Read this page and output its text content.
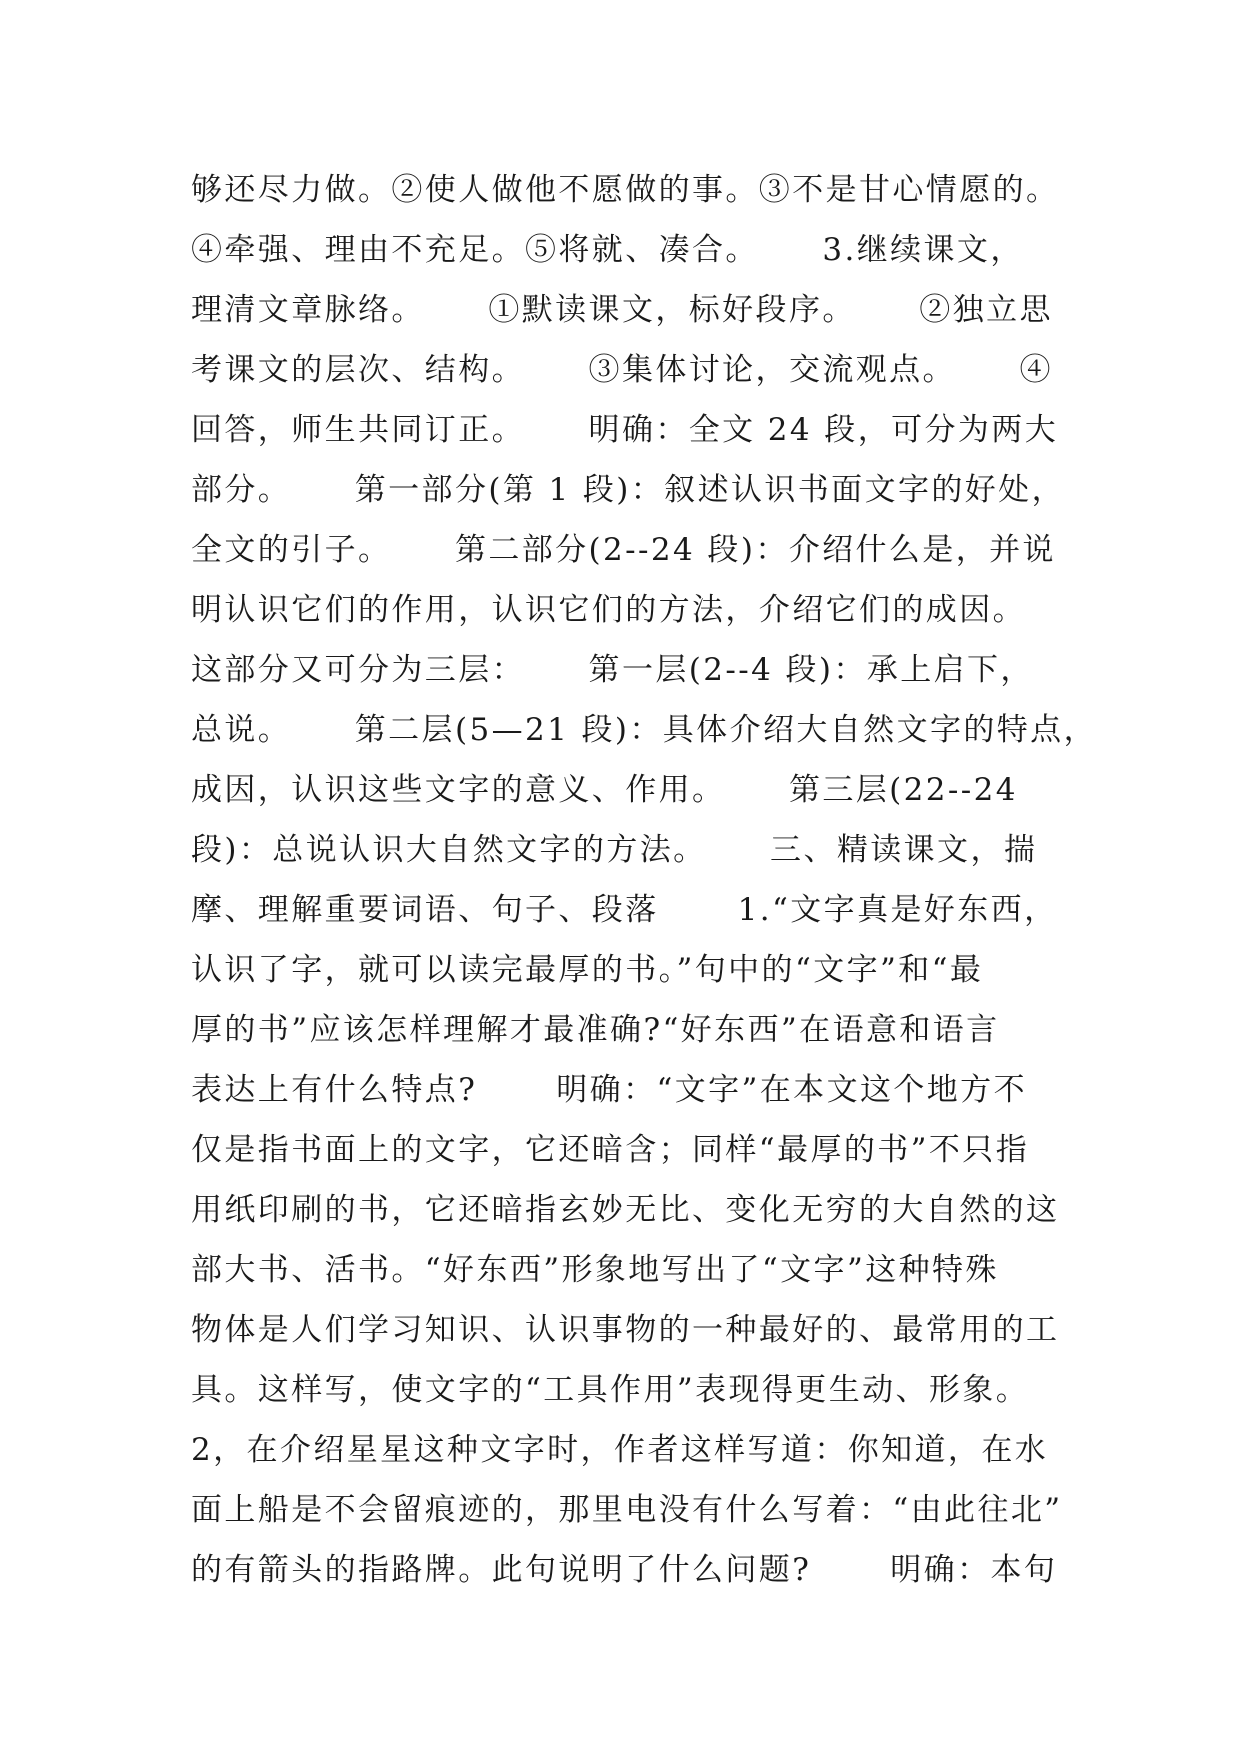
够还尽力做。②使人做他不愿做的事。③不是甘心情愿的。
④牵强、理由不充足。⑤将就、凑合。　　 3.继续课文，
理清文章脉络。　　 ①默读课文，标好段序。　　 ②独立思
考课文的层次、结构。　　 ③集体讨论，交流观点。　　 ④
回答，师生共同订正。　　 明确：全文 24 段，可分为两大
部分。　　 第一部分(第 1 段)：叙述认识书面文字的好处，
全文的引子。　　 第二部分(2--24 段)：介绍什么是，并说
明认识它们的作用，认识它们的方法，介绍它们的成因。
这部分又可分为三层：　　 第一层(2--4 段)：承上启下，
总说。　　 第二层(5—21 段)：具体介绍大自然文字的特点，
成因，认识这些文字的意义、作用。　　 第三层(22--24
段)：总说认识大自然文字的方法。　　 三、精读课文，揣
摩、理解重要词语、句子、段落　　 1.“文字真是好东西，
认识了字，就可以读完最厚的书。”句中的“文字”和“最
厚的书”应该怎样理解才最准确?“好东西”在语意和语言
表达上有什么特点?　　 明确：“文字”在本文这个地方不
仅是指书面上的文字，它还暗含；同样“最厚的书”不只指
用纸印刷的书，它还暗指玄妙无比、变化无穷的大自然的这
部大书、活书。“好东西”形象地写出了“文字”这种特殊
物体是人们学习知识、认识事物的一种最好的、最常用的工
具。这样写，使文字的“工具作用”表现得更生动、形象。
2，在介绍星星这种文字时，作者这样写道：你知道，在水
面上船是不会留痕迹的，那里电没有什么写着：“由此往北”
的有箭头的指路牌。此句说明了什么问题?　　 明确：本句
